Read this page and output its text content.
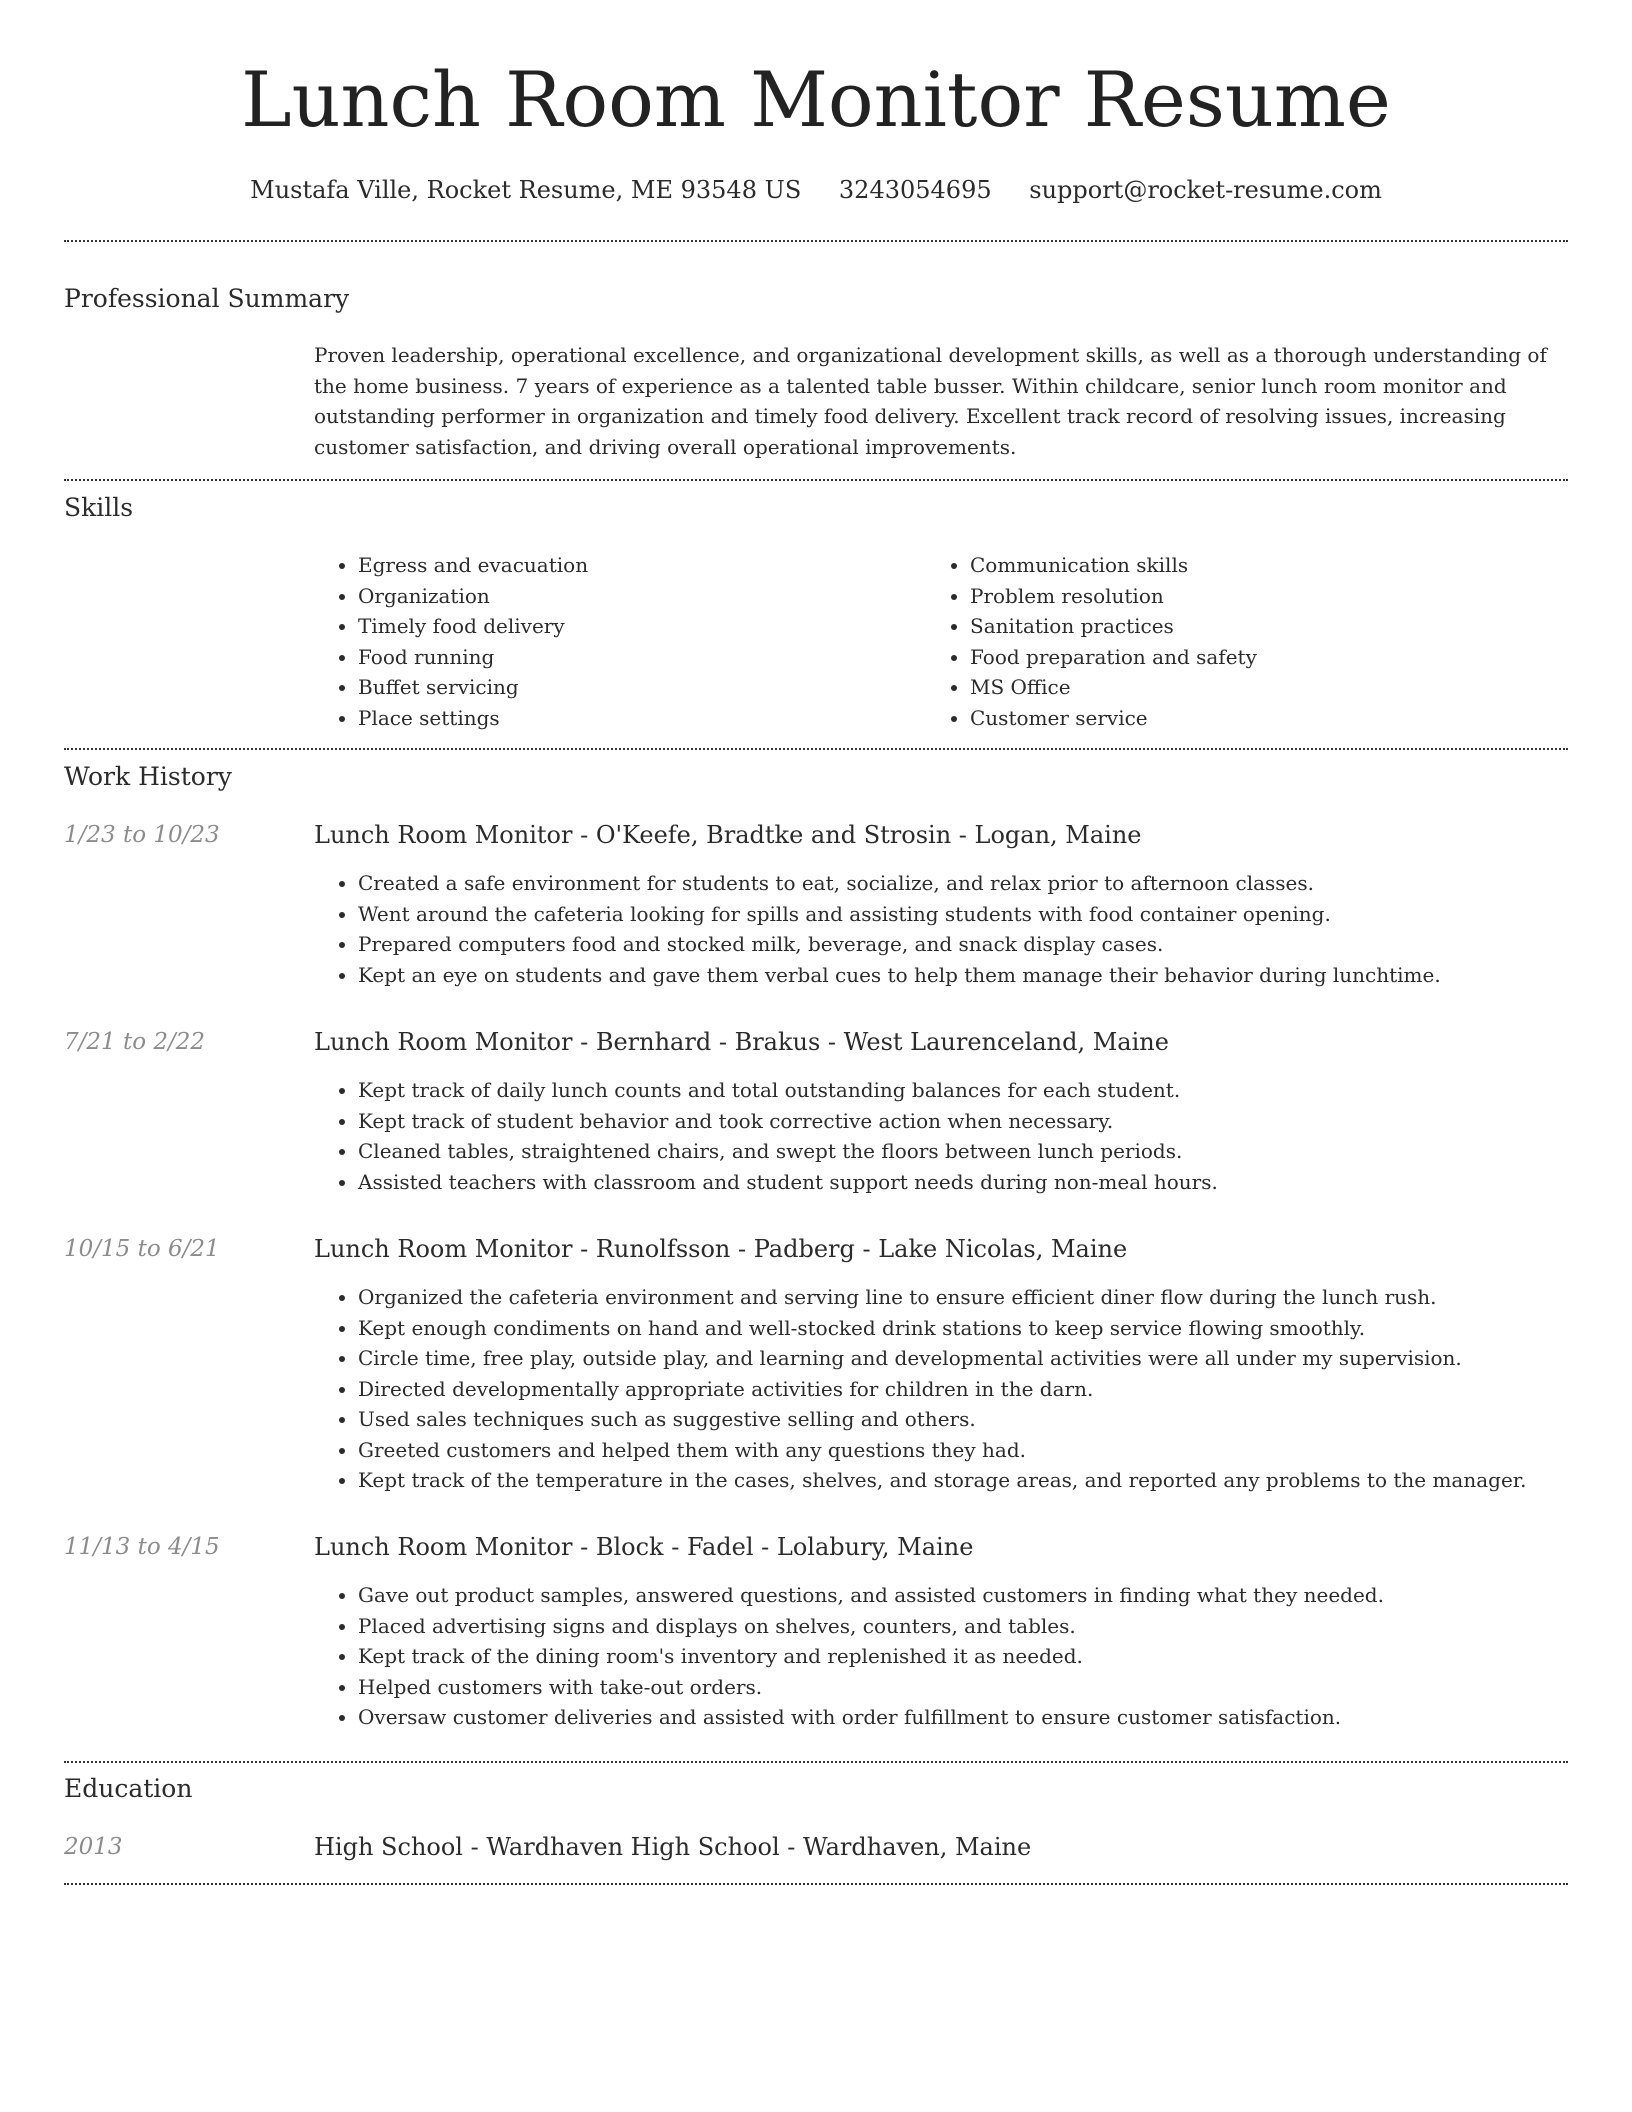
Lunch Room Monitor Resume
Mustafa Ville, Rocket Resume, ME 93548 US 3243054695 support@rocket-resume.com
Professional Summary

Proven leadership, operational excellence, and organizational development skills, as well as a thorough understanding of the home business. 7 years of experience as a talented table busser. Within childcare, senior lunch room monitor and outstanding performer in organization and timely food delivery. Excellent track record of resolving issues, increasing customer satisfaction, and driving overall operational improvements.

Skills
• Egress and evacuation
• Organization
• Timely food delivery
• Food running
• Buffet servicing
• Place settings
• Communication skills
• Problem resolution
• Sanitation practices
• Food preparation and safety
• MS Office
• Customer service
Work History
1/23 to 10/23	Lunch Room Monitor - O'Keefe, Bradtke and Strosin - Logan, Maine
• Created a safe environment for students to eat, socialize, and relax prior to afternoon classes.
• Went around the cafeteria looking for spills and assisting students with food container opening.
• Prepared computers food and stocked milk, beverage, and snack display cases.
• Kept an eye on students and gave them verbal cues to help them manage their behavior during lunchtime.
7/21 to 2/22	Lunch Room Monitor - Bernhard - Brakus - West Laurenceland, Maine
• Kept track of daily lunch counts and total outstanding balances for each student.
• Kept track of student behavior and took corrective action when necessary.
• Cleaned tables, straightened chairs, and swept the floors between lunch periods.
• Assisted teachers with classroom and student support needs during non-meal hours.
10/15 to 6/21	Lunch Room Monitor - Runolfsson - Padberg - Lake Nicolas, Maine
• Organized the cafeteria environment and serving line to ensure efficient diner flow during the lunch rush.
• Kept enough condiments on hand and well-stocked drink stations to keep service flowing smoothly.
• Circle time, free play, outside play, and learning and developmental activities were all under my supervision.
• Directed developmentally appropriate activities for children in the darn.
• Used sales techniques such as suggestive selling and others.
• Greeted customers and helped them with any questions they had.
• Kept track of the temperature in the cases, shelves, and storage areas, and reported any problems to the manager.
11/13 to 4/15	Lunch Room Monitor - Block - Fadel - Lolabury, Maine
• Gave out product samples, answered questions, and assisted customers in finding what they needed.
• Placed advertising signs and displays on shelves, counters, and tables.
• Kept track of the dining room's inventory and replenished it as needed.
• Helped customers with take-out orders.
• Oversaw customer deliveries and assisted with order fulfillment to ensure customer satisfaction.
Education
2013	High School - Wardhaven High School - Wardhaven, Maine
